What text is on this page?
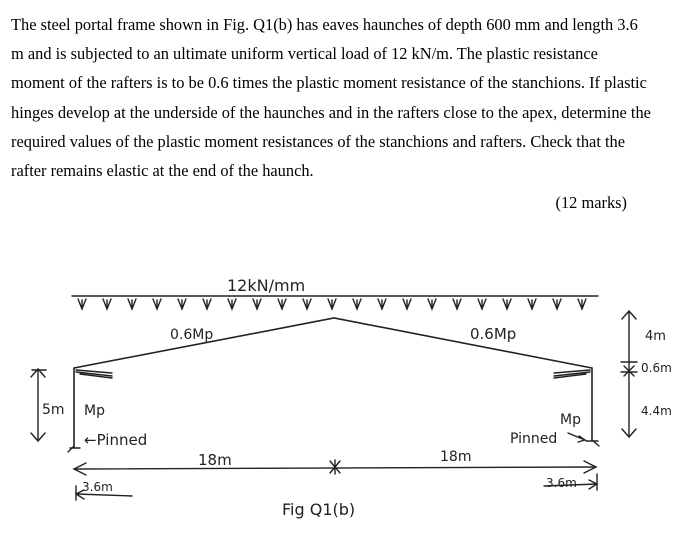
The steel portal frame shown in Fig. Q1(b) has eaves haunches of depth 600 mm and length 3.6 m and is subjected to an ultimate uniform vertical load of 12 kN/m. The plastic resistance moment of the rafters is to be 0.6 times the plastic moment resistance of the stanchions. If plastic hinges develop at the underside of the haunches and in the rafters close to the apex, determine the required values of the plastic moment resistances of the stanchions and rafters. Check that the rafter remains elastic at the end of the haunch.
(12 marks)
12kN/mm
0.6Mp	0.6Mp
5m Mp
Mp
←Pinned	Pinned
18m	18m
3.6m	3.6m
4m
0.6m
4.4m
Fig Q1(b)
